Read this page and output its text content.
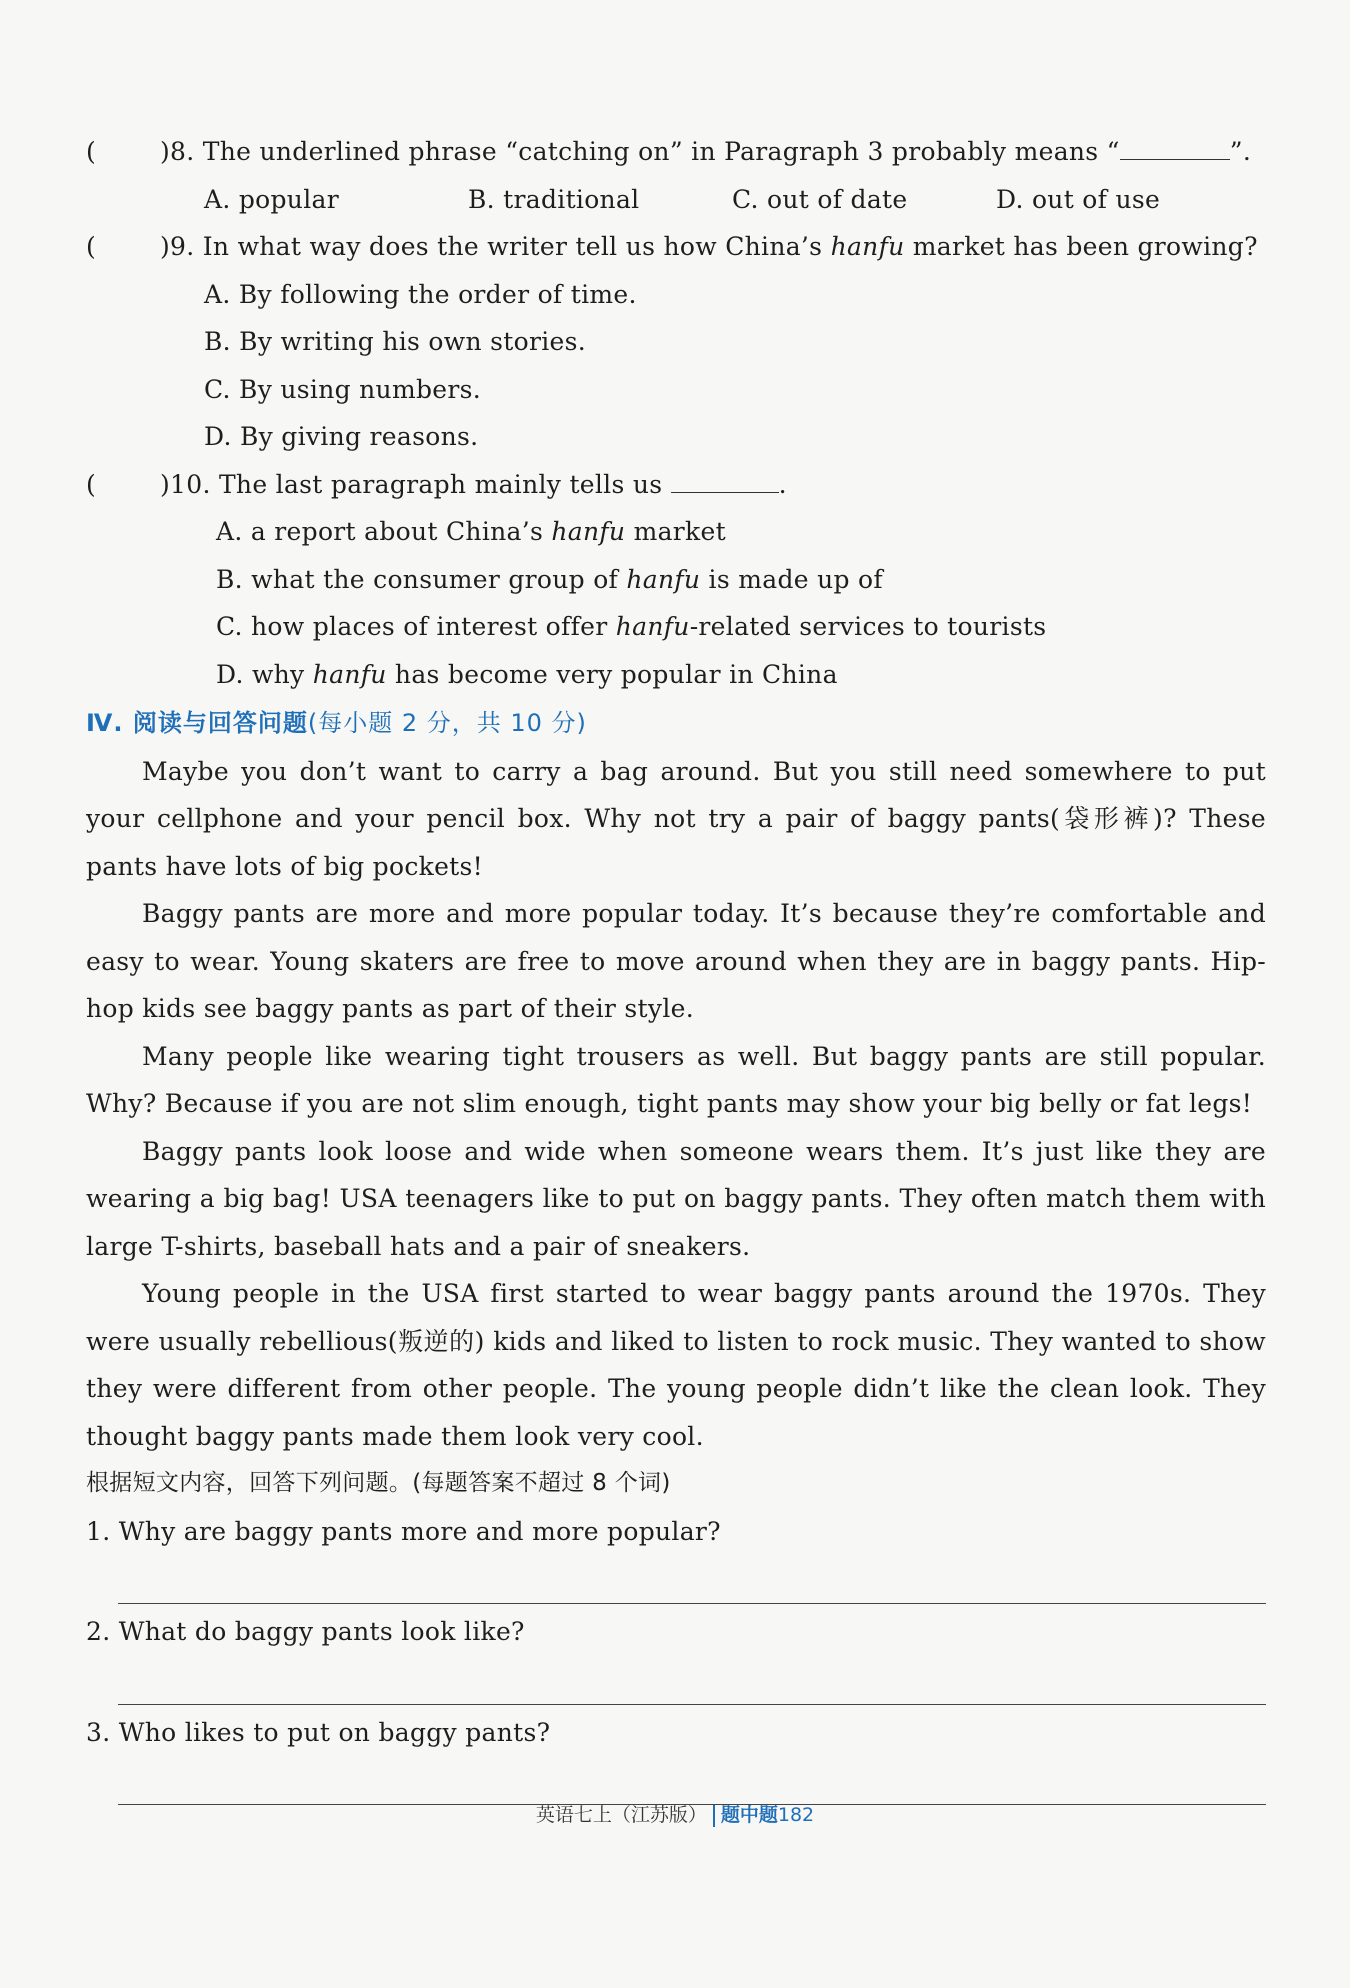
(	)8. The underlined phrase “catching on” in Paragraph 3 probably means “	”.
A. popular	B. traditional	C. out of date	D. out of use
(	)9. In what way does the writer tell us how China’s hanfu market has been growing?
A. By following the order of time.
B. By writing his own stories.
C. By using numbers.
D. By giving reasons.
(	)10. The last paragraph mainly tells us	.
A. a report about China’s hanfu market
B. what the consumer group of hanfu is made up of
C. how places of interest offer hanfu-related services to tourists
D. why hanfu has become very popular in China
Ⅳ. 阅读与回答问题(每小题 2 分，共 10 分)
Maybe you don’t want to carry a bag around. But you still need somewhere to put your cellphone and your pencil box. Why not try a pair of baggy pants(袋形裤)? These pants have lots of big pockets!
Baggy pants are more and more popular today. It’s because they’re comfortable and easy to wear. Young skaters are free to move around when they are in baggy pants. Hip-hop kids see baggy pants as part of their style.
Many people like wearing tight trousers as well. But baggy pants are still popular. Why? Because if you are not slim enough, tight pants may show your big belly or fat legs!
Baggy pants look loose and wide when someone wears them. It’s just like they are wearing a big bag! USA teenagers like to put on baggy pants. They often match them with large T-shirts, baseball hats and a pair of sneakers.
Young people in the USA first started to wear baggy pants around the 1970s. They were usually rebellious(叛逆的) kids and liked to listen to rock music. They wanted to show they were different from other people. The young people didn’t like the clean look. They thought baggy pants made them look very cool.
根据短文内容，回答下列问题。(每题答案不超过 8 个词)
1. Why are baggy pants more and more popular?
2. What do baggy pants look like?
3. Who likes to put on baggy pants?
英语七上（江苏版） 题中题182
